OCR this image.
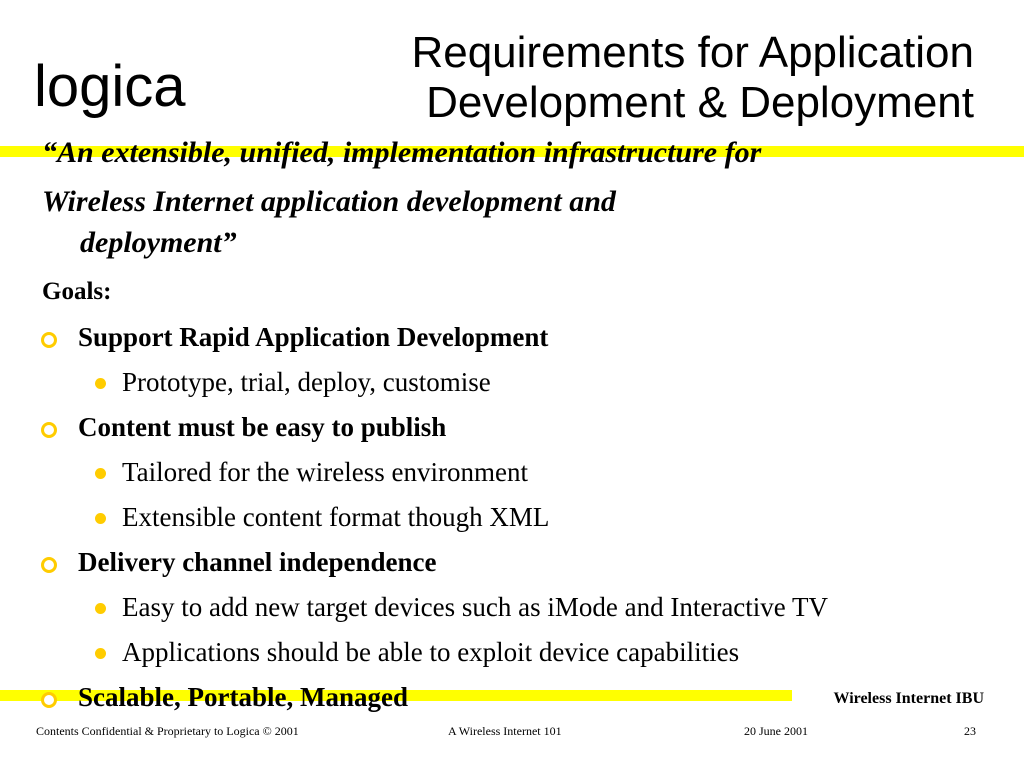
logica
Requirements for Application
Development & Deployment
“An extensible, unified, implementation infrastructure for
Wireless Internet application development and
deployment”
Goals:
Support Rapid Application Development
Prototype, trial, deploy, customise
Content must be easy to publish
Tailored for the wireless environment
Extensible content format though XML
Delivery channel independence
Easy to add new target devices such as iMode and Interactive TV
Applications should be able to exploit device capabilities
Scalable, Portable, Managed	Wireless Internet IBU
Contents Confidential & Proprietary to Logica © 2001	A Wireless Internet 101	20 June 2001	23
